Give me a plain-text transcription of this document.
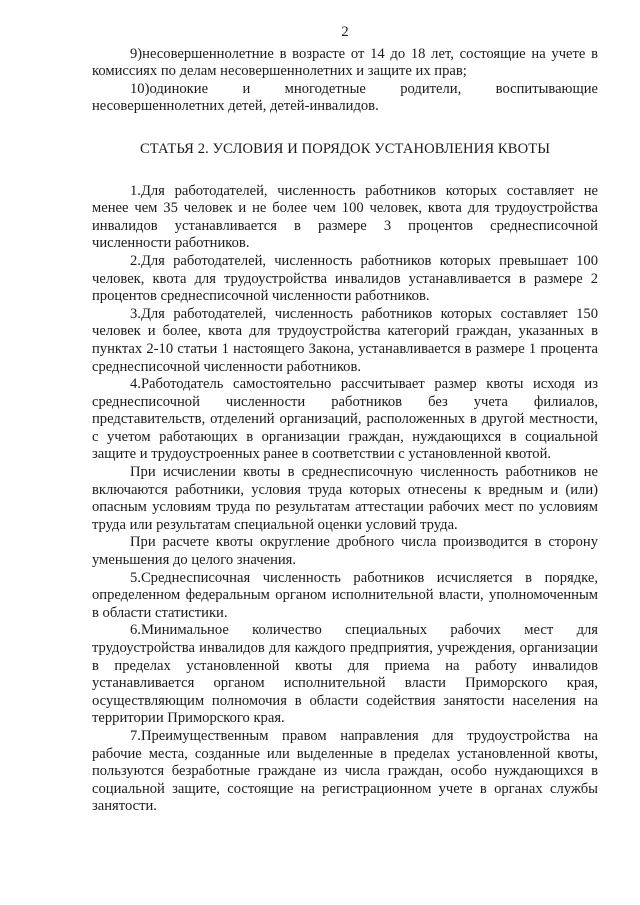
2

9)несовершеннолетние в возрасте от 14 до 18 лет, состоящие на учете в комиссиях по делам несовершеннолетних и защите их прав;

10)одинокие и многодетные родители, воспитывающие несовершеннолетних детей, детей-инвалидов.

СТАТЬЯ 2. УСЛОВИЯ И ПОРЯДОК УСТАНОВЛЕНИЯ КВОТЫ

1.Для работодателей, численность работников которых составляет не менее чем 35 человек и не более чем 100 человек, квота для трудоустройства инвалидов устанавливается в размере 3 процентов среднесписочной численности работников.

2.Для работодателей, численность работников которых превышает 100 человек, квота для трудоустройства инвалидов устанавливается в размере 2 процентов среднесписочной численности работников.

3.Для работодателей, численность работников которых составляет 150 человек и более, квота для трудоустройства категорий граждан, указанных в пунктах 2-10 статьи 1 настоящего Закона, устанавливается в размере 1 процента среднесписочной численности работников.

4.Работодатель самостоятельно рассчитывает размер квоты исходя из среднесписочной численности работников без учета филиалов, представительств, отделений организаций, расположенных в другой местности, с учетом работающих в организации граждан, нуждающихся в социальной защите и трудоустроенных ранее в соответствии с установленной квотой.

При исчислении квоты в среднесписочную численность работников не включаются работники, условия труда которых отнесены к вредным и (или) опасным условиям труда по результатам аттестации рабочих мест по условиям труда или результатам специальной оценки условий труда.

При расчете квоты округление дробного числа производится в сторону уменьшения до целого значения.

5.Среднесписочная численность работников исчисляется в порядке, определенном федеральным органом исполнительной власти, уполномоченным в области статистики.

6.Минимальное количество специальных рабочих мест для трудоустройства инвалидов для каждого предприятия, учреждения, организации в пределах установленной квоты для приема на работу инвалидов устанавливается органом исполнительной власти Приморского края, осуществляющим полномочия в области содействия занятости населения на территории Приморского края.

7.Преимущественным правом направления для трудоустройства на рабочие места, созданные или выделенные в пределах установленной квоты, пользуются безработные граждане из числа граждан, особо нуждающихся в социальной защите, состоящие на регистрационном учете в органах службы занятости.
